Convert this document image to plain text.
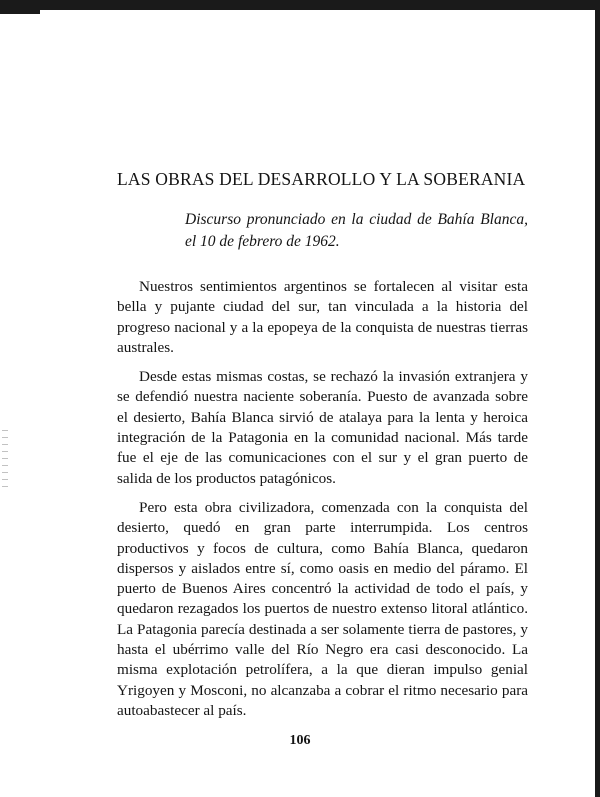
LAS OBRAS DEL DESARROLLO Y LA SOBERANIA

Discurso pronunciado en la ciudad de Bahía Blanca, el 10 de febrero de 1962.

Nuestros sentimientos argentinos se fortalecen al visitar esta bella y pujante ciudad del sur, tan vinculada a la historia del progreso nacional y a la epopeya de la conquista de nuestras tierras australes.

Desde estas mismas costas, se rechazó la invasión extranjera y se defendió nuestra naciente soberanía. Puesto de avanzada sobre el desierto, Bahía Blanca sirvió de atalaya para la lenta y heroica integración de la Patagonia en la comunidad nacional. Más tarde fue el eje de las comunicaciones con el sur y el gran puerto de salida de los productos patagónicos.

Pero esta obra civilizadora, comenzada con la conquista del desierto, quedó en gran parte interrumpida. Los centros productivos y focos de cultura, como Bahía Blanca, quedaron dispersos y aislados entre sí, como oasis en medio del páramo. El puerto de Buenos Aires concentró la actividad de todo el país, y quedaron rezagados los puertos de nuestro extenso litoral atlántico. La Patagonia parecía destinada a ser solamente tierra de pastores, y hasta el ubérrimo valle del Río Negro era casi desconocido. La misma explotación petrolífera, a la que dieran impulso genial Yrigoyen y Mosconi, no alcanzaba a cobrar el ritmo necesario para autoabastecer al país.

106
